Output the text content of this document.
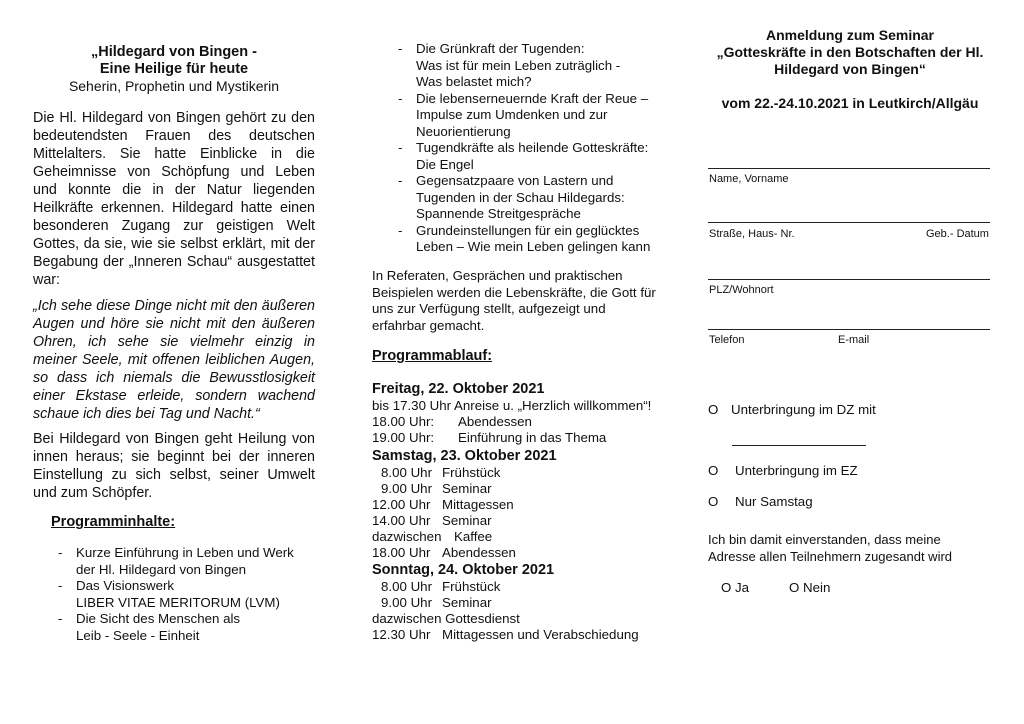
„Hildegard von Bingen -
Eine Heilige für heute
Seherin, Prophetin und Mystikerin
Die Hl. Hildegard von Bingen gehört zu den bedeutendsten Frauen des deutschen Mittelalters. Sie hatte Einblicke in die Geheimnisse von Schöpfung und Leben und konnte die in der Natur liegenden Heilkräfte erkennen. Hildegard hatte einen besonderen Zugang zur geistigen Welt Gottes, da sie, wie sie selbst erklärt, mit der Begabung der „Inneren Schau“ ausgestattet war:
„Ich sehe diese Dinge nicht mit den äußeren Augen und höre sie nicht mit den äußeren Ohren, ich sehe sie vielmehr einzig in meiner Seele, mit offenen leiblichen Augen, so dass ich niemals die Bewusstlosigkeit einer Ekstase erleide, sondern wachend schaue ich dies bei Tag und Nacht.“
Bei Hildegard von Bingen geht Heilung von innen heraus; sie beginnt bei der inneren Einstellung zu sich selbst, seiner Umwelt und zum Schöpfer.
Programminhalte:
- Kurze Einführung in Leben und Werk
der Hl. Hildegard von Bingen
- Das Visionswerk
LIBER VITAE MERITORUM (LVM)
- Die Sicht des Menschen als
Leib - Seele - Einheit
- Die Grünkraft der Tugenden:
Was ist für mein Leben zuträglich -
Was belastet mich?
- Die lebenserneuernde Kraft der Reue –
Impulse zum Umdenken und zur
Neuorientierung
- Tugendkräfte als heilende Gotteskräfte:
Die Engel
- Gegensatzpaare von Lastern und
Tugenden in der Schau Hildegards:
Spannende Streitgespräche
- Grundeinstellungen für ein geglücktes
Leben – Wie mein Leben gelingen kann
In Referaten, Gesprächen und praktischen Beispielen werden die Lebenskräfte, die Gott für uns zur Verfügung stellt, aufgezeigt und erfahrbar gemacht.
Programmablauf:
Freitag, 22. Oktober 2021
bis 17.30 Uhr Anreise u. „Herzlich willkommen“!
18.00 Uhr: Abendessen
19.00 Uhr: Einführung in das Thema
Samstag, 23. Oktober 2021
8.00 Uhr Frühstück
9.00 Uhr Seminar
12.00 Uhr Mittagessen
14.00 Uhr Seminar
dazwischen Kaffee
18.00 Uhr Abendessen
Sonntag, 24. Oktober 2021
8.00 Uhr Frühstück
9.00 Uhr Seminar
dazwischen Gottesdienst
12.30 Uhr Mittagessen und Verabschiedung
Anmeldung zum Seminar
„Gotteskräfte in den Botschaften der Hl.
Hildegard von Bingen“
vom 22.-24.10.2021 in Leutkirch/Allgäu
Name, Vorname
Straße, Haus- Nr.	Geb.- Datum
PLZ/Wohnort
Telefon	E-mail
O Unterbringung im DZ mit
O Unterbringung im EZ
O Nur Samstag
Ich bin damit einverstanden, dass meine
Adresse allen Teilnehmern zugesandt wird
O Ja	O Nein
